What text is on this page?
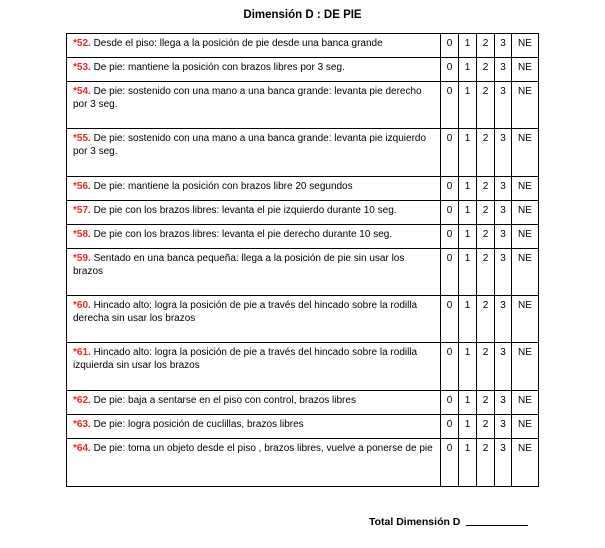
Dimensión D : DE PIE
*52. Desde el piso: llega a la posición de pie desde una banca grande	0	1	2	3	NE
*53. De pie: mantiene la posición con brazos libres por 3 seg.	0	1	2	3	NE
*54. De pie: sostenido con una mano a una banca grande: levanta pie derecho por 3 seg.	0	1	2	3	NE
*55. De pie: sostenido con una mano a una banca grande: levanta pie izquierdo por 3 seg.	0	1	2	3	NE
*56. De pie: mantiene la posición con brazos libre 20 segundos	0	1	2	3	NE
*57. De pie con los brazos libres: levanta el pie izquierdo durante 10 seg.	0	1	2	3	NE
*58. De pie con los brazos libres: levanta el pie derecho durante 10 seg.	0	1	2	3	NE
*59. Sentado en una banca pequeña: llega a la posición de pie sin usar los brazos	0	1	2	3	NE
*60. Hincado alto: logra la posición de pie a través del hincado sobre la rodilla derecha sin usar los brazos	0	1	2	3	NE
*61. Hincado alto: logra la posición de pie a través del hincado sobre la rodilla izquierda sin usar los brazos	0	1	2	3	NE
*62. De pie: baja a sentarse en el piso con control, brazos libres	0	1	2	3	NE
*63. De pie: logra posición de cuclillas, brazos libres	0	1	2	3	NE
*64. De pie: toma un objeto desde el piso , brazos libres, vuelve a ponerse de pie	0	1	2	3	NE
Total Dimensión D
